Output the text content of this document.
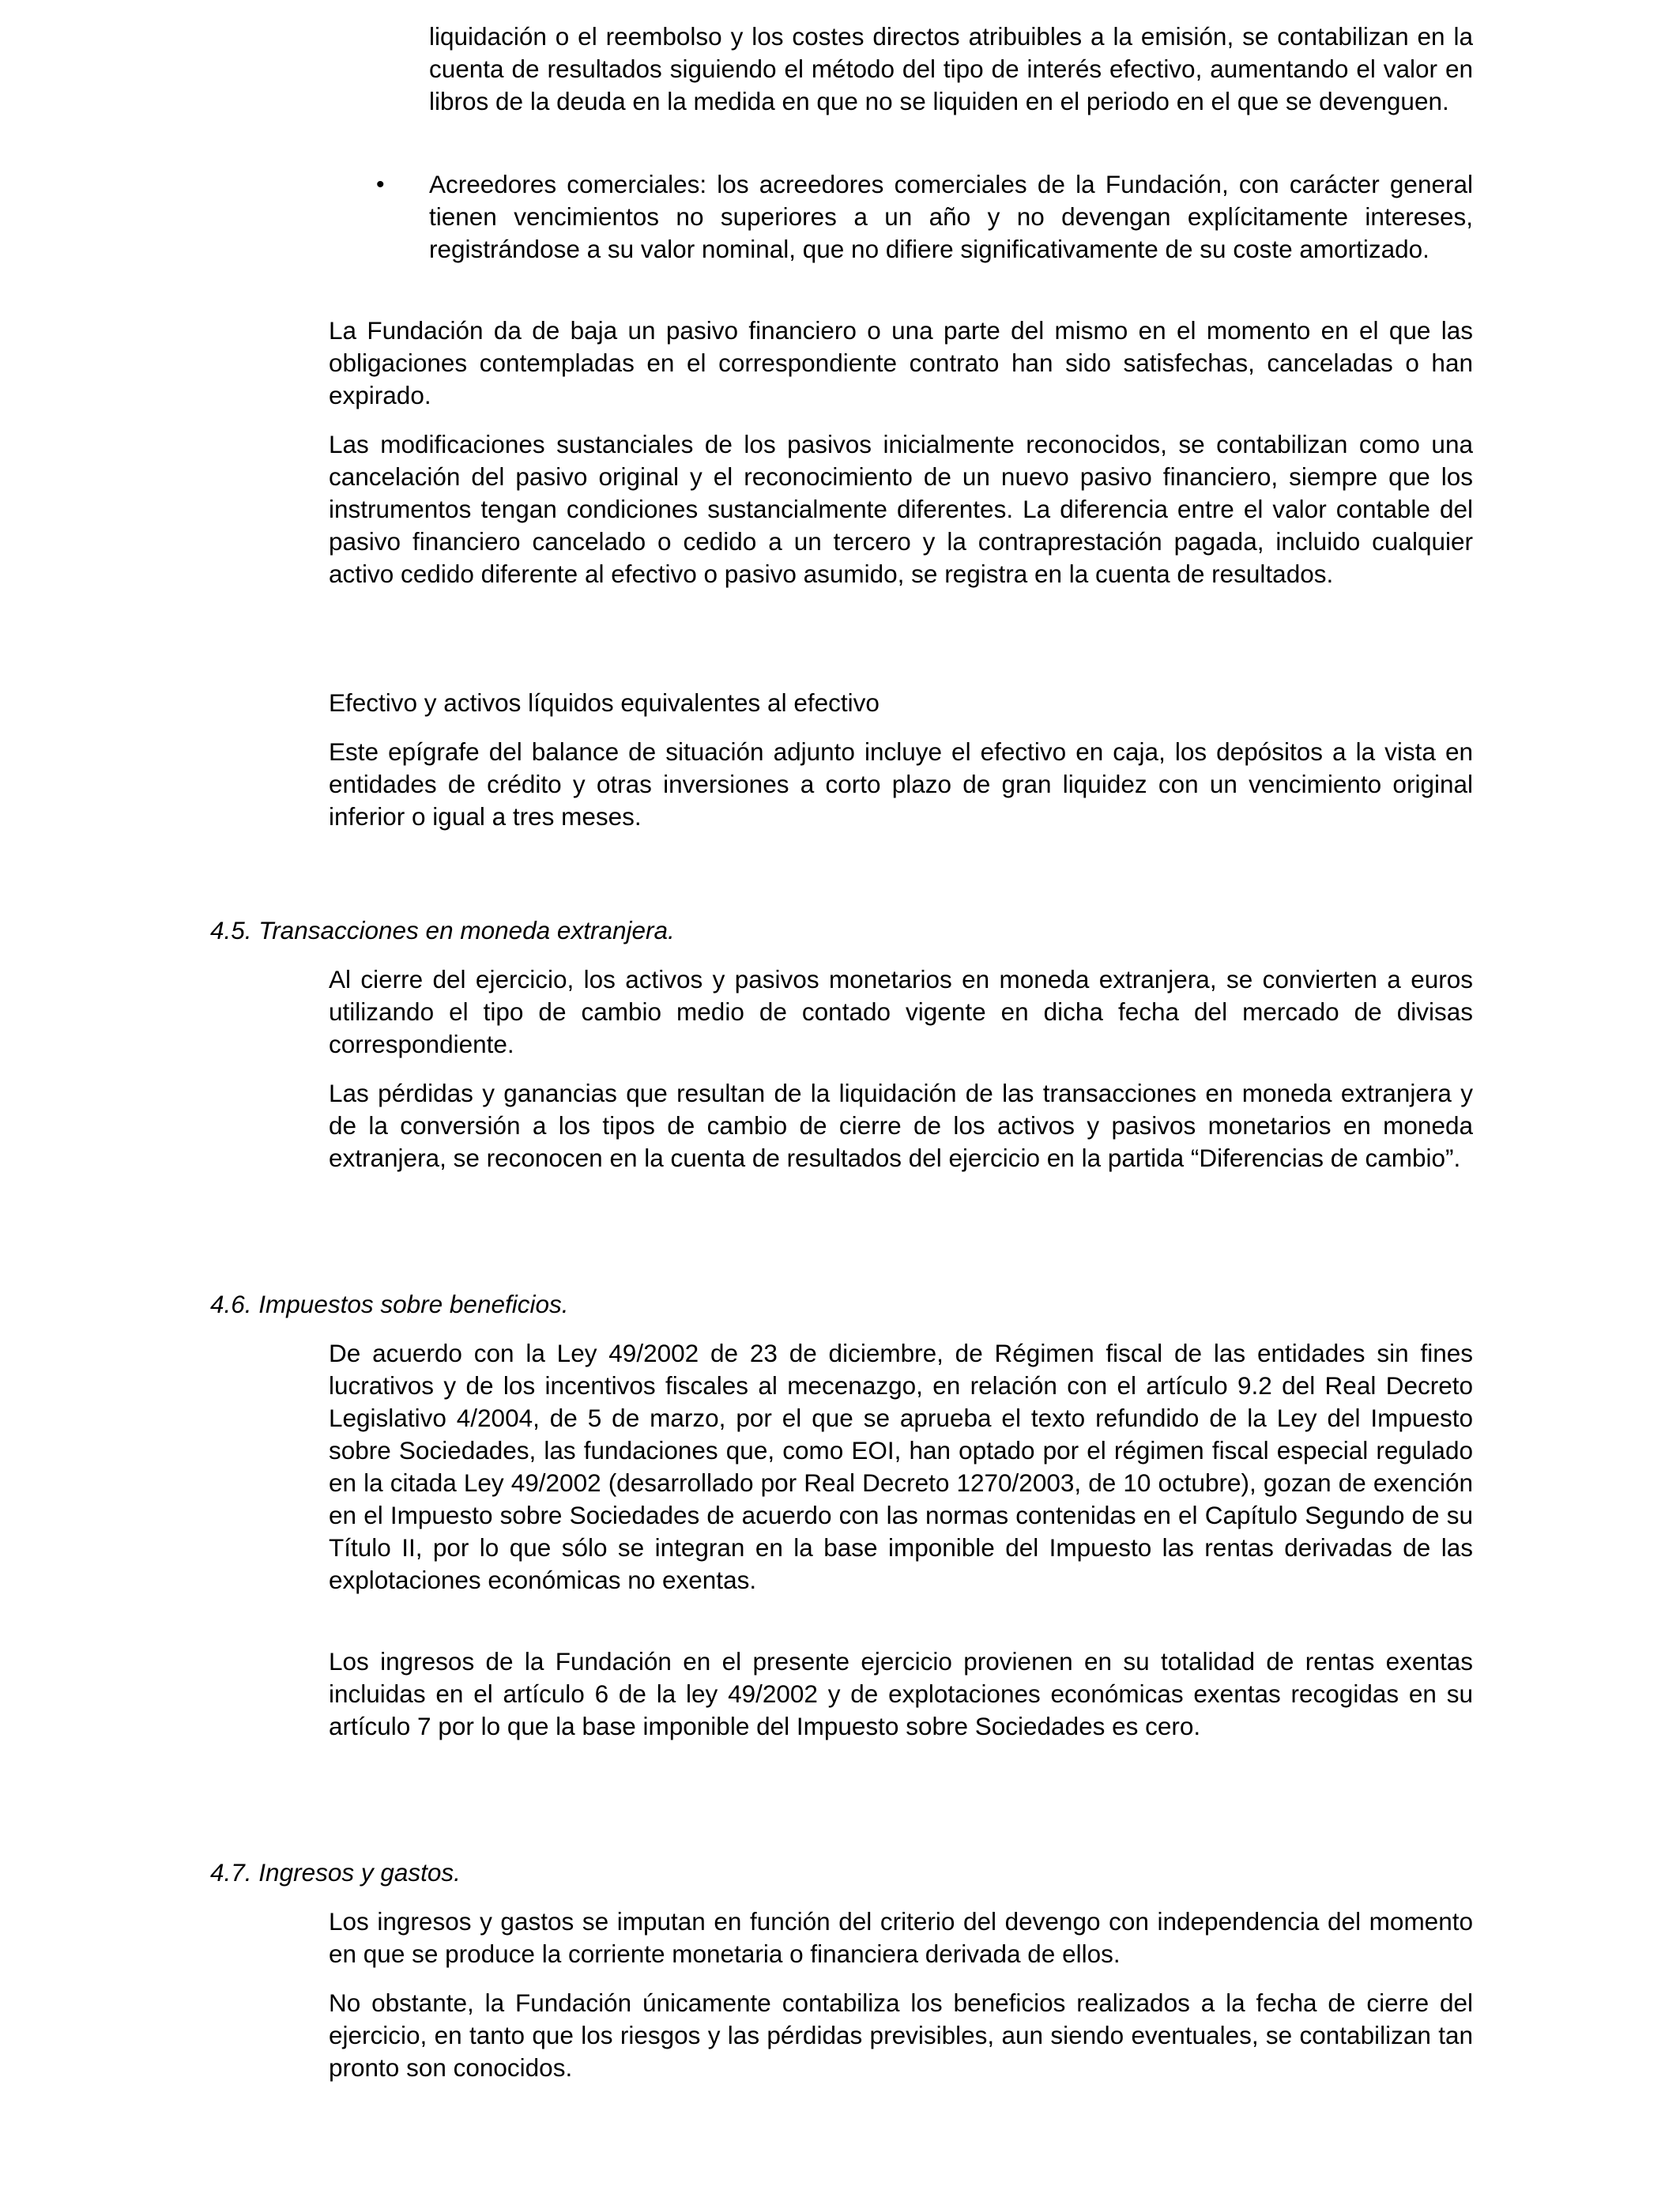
liquidación o el reembolso y los costes directos atribuibles a la emisión, se contabilizan en la cuenta de resultados siguiendo el método del tipo de interés efectivo, aumentando el valor en libros de la deuda en la medida en que no se liquiden en el periodo en el que se devenguen.

• Acreedores comerciales: los acreedores comerciales de la Fundación, con carácter general tienen vencimientos no superiores a un año y no devengan explícitamente intereses, registrándose a su valor nominal, que no difiere significativamente de su coste amortizado.

La Fundación da de baja un pasivo financiero o una parte del mismo en el momento en el que las obligaciones contempladas en el correspondiente contrato han sido satisfechas, canceladas o han expirado.

Las modificaciones sustanciales de los pasivos inicialmente reconocidos, se contabilizan como una cancelación del pasivo original y el reconocimiento de un nuevo pasivo financiero, siempre que los instrumentos tengan condiciones sustancialmente diferentes. La diferencia entre el valor contable del pasivo financiero cancelado o cedido a un tercero y la contraprestación pagada, incluido cualquier activo cedido diferente al efectivo o pasivo asumido, se registra en la cuenta de resultados.

Efectivo y activos líquidos equivalentes al efectivo

Este epígrafe del balance de situación adjunto incluye el efectivo en caja, los depósitos a la vista en entidades de crédito y otras inversiones a corto plazo de gran liquidez con un vencimiento original inferior o igual a tres meses.

4.5. Transacciones en moneda extranjera.

Al cierre del ejercicio, los activos y pasivos monetarios en moneda extranjera, se convierten a euros utilizando el tipo de cambio medio de contado vigente en dicha fecha del mercado de divisas correspondiente.

Las pérdidas y ganancias que resultan de la liquidación de las transacciones en moneda extranjera y de la conversión a los tipos de cambio de cierre de los activos y pasivos monetarios en moneda extranjera, se reconocen en la cuenta de resultados del ejercicio en la partida “Diferencias de cambio”.

4.6. Impuestos sobre beneficios.

De acuerdo con la Ley 49/2002 de 23 de diciembre, de Régimen fiscal de las entidades sin fines lucrativos y de los incentivos fiscales al mecenazgo, en relación con el artículo 9.2 del Real Decreto Legislativo 4/2004, de 5 de marzo, por el que se aprueba el texto refundido de la Ley del Impuesto sobre Sociedades, las fundaciones que, como EOI, han optado por el régimen fiscal especial regulado en la citada Ley 49/2002 (desarrollado por Real Decreto 1270/2003, de 10 octubre), gozan de exención en el Impuesto sobre Sociedades de acuerdo con las normas contenidas en el Capítulo Segundo de su Título II, por lo que sólo se integran en la base imponible del Impuesto las rentas derivadas de las explotaciones económicas no exentas.

Los ingresos de la Fundación en el presente ejercicio provienen en su totalidad de rentas exentas incluidas en el artículo 6 de la ley 49/2002 y de explotaciones económicas exentas recogidas en su artículo 7 por lo que la base imponible del Impuesto sobre Sociedades es cero.

4.7. Ingresos y gastos.

Los ingresos y gastos se imputan en función del criterio del devengo con independencia del momento en que se produce la corriente monetaria o financiera derivada de ellos.

No obstante, la Fundación únicamente contabiliza los beneficios realizados a la fecha de cierre del ejercicio, en tanto que los riesgos y las pérdidas previsibles, aun siendo eventuales, se contabilizan tan pronto son conocidos.
